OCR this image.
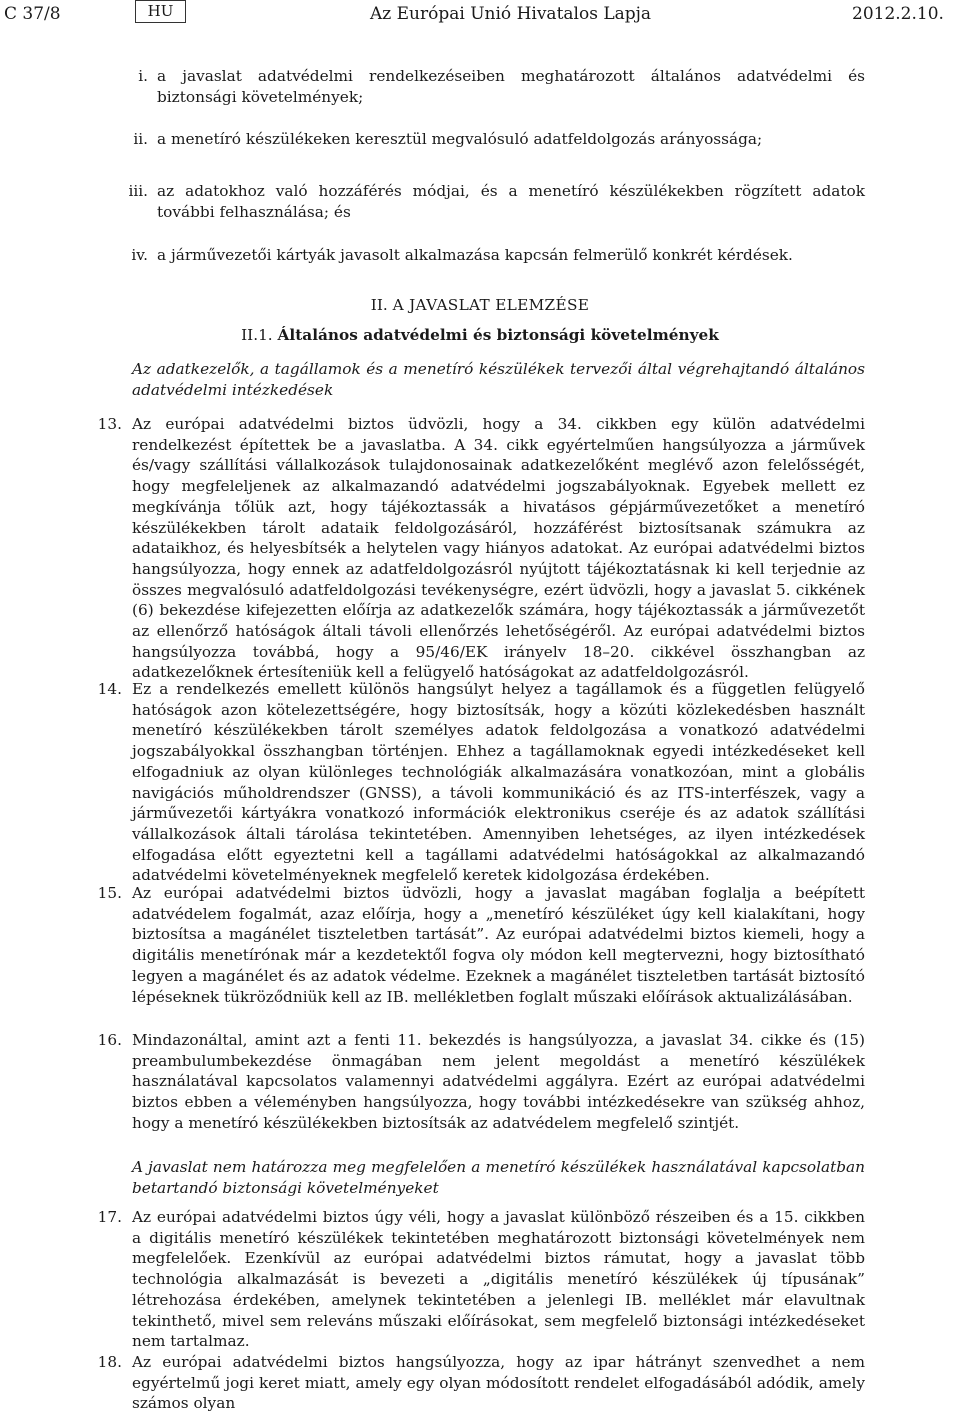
C 37/8	HU	Az Európai Unió Hivatalos Lapja	2012.2.10.
i. a javaslat adatvédelmi rendelkezéseiben meghatározott általános adatvédelmi és biztonsági követelmények;
ii. a menetíró készülékeken keresztül megvalósuló adatfeldolgozás arányossága;
iii. az adatokhoz való hozzáférés módjai, és a menetíró készülékekben rögzített adatok további felhasználása; és
iv. a járművezetői kártyák javasolt alkalmazása kapcsán felmerülő konkrét kérdések.
II. A JAVASLAT ELEMZÉSE
II.1. Általános adatvédelmi és biztonsági követelmények
Az adatkezelők, a tagállamok és a menetíró készülékek tervezői által végrehajtandó általános adatvédelmi intézkedések
13. Az európai adatvédelmi biztos üdvözli, hogy a 34. cikkben egy külön adatvédelmi rendelkezést építettek be a javaslatba. A 34. cikk egyértelműen hangsúlyozza a járművek és/vagy szállítási vállalkozások tulajdonosainak adatkezelőként meglévő azon felelősségét, hogy megfeleljenek az alkalmazandó adatvédelmi jogszabályoknak. Egyebek mellett ez megkívánja tőlük azt, hogy tájékoztassák a hivatásos gépjárművezetőket a menetíró készülékekben tárolt adataik feldolgozásáról, hozzáférést biztosítsanak számukra az adataikhoz, és helyesbítsék a helytelen vagy hiányos adatokat. Az európai adatvédelmi biztos hangsúlyozza, hogy ennek az adatfeldolgozásról nyújtott tájékoztatásnak ki kell terjednie az összes megvalósuló adatfeldolgozási tevékenységre, ezért üdvözli, hogy a javaslat 5. cikkének (6) bekezdése kifejezetten előírja az adatkezelők számára, hogy tájékoztassák a járművezetőt az ellenőrző hatóságok általi távoli ellenőrzés lehetőségéről. Az európai adatvédelmi biztos hangsúlyozza továbbá, hogy a 95/46/EK irányelv 18–20. cikkével összhangban az adatkezelőknek értesíteniük kell a felügyelő hatóságokat az adatfeldolgozásról.
14. Ez a rendelkezés emellett különös hangsúlyt helyez a tagállamok és a független felügyelő hatóságok azon kötelezettségére, hogy biztosítsák, hogy a közúti közlekedésben használt menetíró készülékekben tárolt személyes adatok feldolgozása a vonatkozó adatvédelmi jogszabályokkal összhangban történjen. Ehhez a tagállamoknak egyedi intézkedéseket kell elfogadniuk az olyan különleges technológiák alkalmazására vonatkozóan, mint a globális navigációs műholdrendszer (GNSS), a távoli kommunikáció és az ITS-interfészek, vagy a járművezetői kártyákra vonatkozó információk elektronikus cseréje és az adatok szállítási vállalkozások általi tárolása tekintetében. Amennyiben lehetséges, az ilyen intézkedések elfogadása előtt egyeztetni kell a tagállami adatvédelmi hatóságokkal az alkalmazandó adatvédelmi követelményeknek megfelelő keretek kidolgozása érdekében.
15. Az európai adatvédelmi biztos üdvözli, hogy a javaslat magában foglalja a beépített adatvédelem fogalmát, azaz előírja, hogy a „menetíró készüléket úgy kell kialakítani, hogy biztosítsa a magánélet tiszteletben tartását”. Az európai adatvédelmi biztos kiemeli, hogy a digitális menetírónak már a kezdetektől fogva oly módon kell megtervezni, hogy biztosítható legyen a magánélet és az adatok védelme. Ezeknek a magánélet tiszteletben tartását biztosító lépéseknek tükröződniük kell az IB. mellékletben foglalt műszaki előírások aktualizálásában.
16. Mindazonáltal, amint azt a fenti 11. bekezdés is hangsúlyozza, a javaslat 34. cikke és (15) preambulumbekezdése önmagában nem jelent megoldást a menetíró készülékek használatával kapcsolatos valamennyi adatvédelmi aggályra. Ezért az európai adatvédelmi biztos ebben a véleményben hangsúlyozza, hogy további intézkedésekre van szükség ahhoz, hogy a menetíró készülékekben biztosítsák az adatvédelem megfelelő szintjét.
A javaslat nem határozza meg megfelelően a menetíró készülékek használatával kapcsolatban betartandó biztonsági követelményeket
17. Az európai adatvédelmi biztos úgy véli, hogy a javaslat különböző részeiben és a 15. cikkben a digitális menetíró készülékek tekintetében meghatározott biztonsági követelmények nem megfelelőek. Ezenkívül az európai adatvédelmi biztos rámutat, hogy a javaslat több technológia alkalmazását is bevezeti a „digitális menetíró készülékek új típusának” létrehozása érdekében, amelynek tekintetében a jelenlegi IB. melléklet már elavultnak tekinthető, mivel sem releváns műszaki előírásokat, sem megfelelő biztonsági intézkedéseket nem tartalmaz.
18. Az európai adatvédelmi biztos hangsúlyozza, hogy az ipar hátrányt szenvedhet a nem egyértelmű jogi keret miatt, amely egy olyan módosított rendelet elfogadásából adódik, amely számos olyan
